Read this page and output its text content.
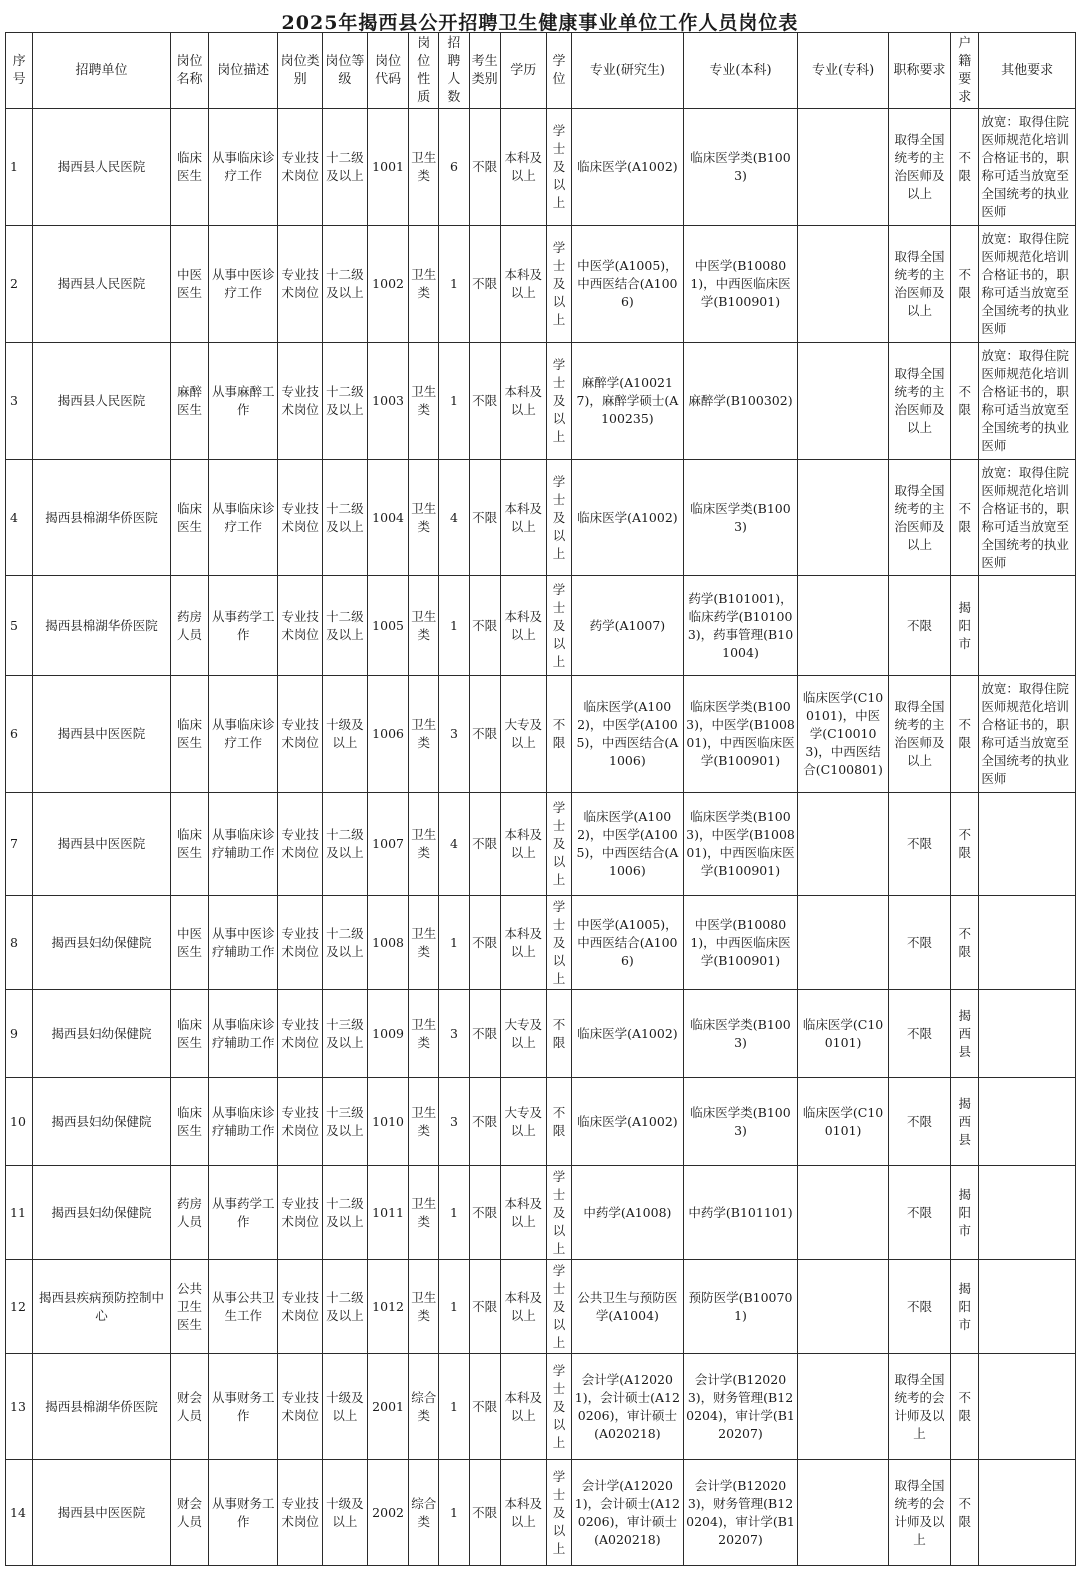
2025年揭西县公开招聘卫生健康事业单位工作人员岗位表
序号	招聘单位	岗位名称	岗位描述	岗位类别	岗位等级	岗位代码	岗位性质	招聘人数	考生类别	学历	学位	专业(研究生)	专业(本科)	专业(专科)	职称要求	户籍要求	其他要求

1	揭西县人民医院	临床医生	从事临床诊疗工作	专业技术岗位	十二级及以上	1001	卫生类	6	不限	本科及以上	学士及以上	临床医学(A1002)	临床医学类(B1003)		取得全国统考的主治医师及以上	不限	放宽：取得住院医师规范化培训合格证书的，职称可适当放宽至全国统考的执业医师

2	揭西县人民医院	中医医生	从事中医诊疗工作	专业技术岗位	十二级及以上	1002	卫生类	1	不限	本科及以上	学士及以上	中医学(A1005)，中西医结合(A1006)	中医学(B100801)，中西医临床医学(B100901)		取得全国统考的主治医师及以上	不限	放宽：取得住院医师规范化培训合格证书的，职称可适当放宽至全国统考的执业医师

3	揭西县人民医院	麻醉医生	从事麻醉工作	专业技术岗位	十二级及以上	1003	卫生类	1	不限	本科及以上	学士及以上	麻醉学(A100217)，麻醉学硕士(A100235)	麻醉学(B100302)		取得全国统考的主治医师及以上	不限	放宽：取得住院医师规范化培训合格证书的，职称可适当放宽至全国统考的执业医师

4	揭西县棉湖华侨医院	临床医生	从事临床诊疗工作	专业技术岗位	十二级及以上	1004	卫生类	4	不限	本科及以上	学士及以上	临床医学(A1002)	临床医学类(B1003)		取得全国统考的主治医师及以上	不限	放宽：取得住院医师规范化培训合格证书的，职称可适当放宽至全国统考的执业医师

5	揭西县棉湖华侨医院	药房人员	从事药学工作	专业技术岗位	十二级及以上	1005	卫生类	1	不限	本科及以上	学士及以上	药学(A1007)	药学(B101001)，临床药学(B101003)，药事管理(B101004)		不限	揭阳市	

6	揭西县中医医院	临床医生	从事临床诊疗工作	专业技术岗位	十级及以上	1006	卫生类	3	不限	大专及以上	不限	临床医学(A1002)，中医学(A1005)，中西医结合(A1006)	临床医学类(B1003)，中医学(B100801)，中西医临床医学(B100901)	临床医学(C100101)，中医学(C100103)，中西医结合(C100801)	取得全国统考的主治医师及以上	不限	放宽：取得住院医师规范化培训合格证书的，职称可适当放宽至全国统考的执业医师

7	揭西县中医医院	临床医生	从事临床诊疗辅助工作	专业技术岗位	十二级及以上	1007	卫生类	4	不限	本科及以上	学士及以上	临床医学(A1002)，中医学(A1005)，中西医结合(A1006)	临床医学类(B1003)，中医学(B100801)，中西医临床医学(B100901)		不限	不限	

8	揭西县妇幼保健院	中医医生	从事中医诊疗辅助工作	专业技术岗位	十二级及以上	1008	卫生类	1	不限	本科及以上	学士及以上	中医学(A1005)，中西医结合(A1006)	中医学(B100801)，中西医临床医学(B100901)		不限	不限	

9	揭西县妇幼保健院	临床医生	从事临床诊疗辅助工作	专业技术岗位	十三级及以上	1009	卫生类	3	不限	大专及以上	不限	临床医学(A1002)	临床医学类(B1003)	临床医学(C100101)	不限	揭西县	

10	揭西县妇幼保健院	临床医生	从事临床诊疗辅助工作	专业技术岗位	十三级及以上	1010	卫生类	3	不限	大专及以上	不限	临床医学(A1002)	临床医学类(B1003)	临床医学(C100101)	不限	揭西县	

11	揭西县妇幼保健院	药房人员	从事药学工作	专业技术岗位	十二级及以上	1011	卫生类	1	不限	本科及以上	学士及以上	中药学(A1008)	中药学(B101101)		不限	揭阳市	

12	揭西县疾病预防控制中心	公共卫生医生	从事公共卫生工作	专业技术岗位	十二级及以上	1012	卫生类	1	不限	本科及以上	学士及以上	公共卫生与预防医学(A1004)	预防医学(B100701)		不限	揭阳市	

13	揭西县棉湖华侨医院	财会人员	从事财务工作	专业技术岗位	十级及以上	2001	综合类	1	不限	本科及以上	学士及以上	会计学(A120201)，会计硕士(A120206)，审计硕士(A020218)	会计学(B120203)，财务管理(B120204)，审计学(B120207)		取得全国统考的会计师及以上	不限	

14	揭西县中医医院	财会人员	从事财务工作	专业技术岗位	十级及以上	2002	综合类	1	不限	本科及以上	学士及以上	会计学(A120201)，会计硕士(A120206)，审计硕士(A020218)	会计学(B120203)，财务管理(B120204)，审计学(B120207)		取得全国统考的会计师及以上	不限	
